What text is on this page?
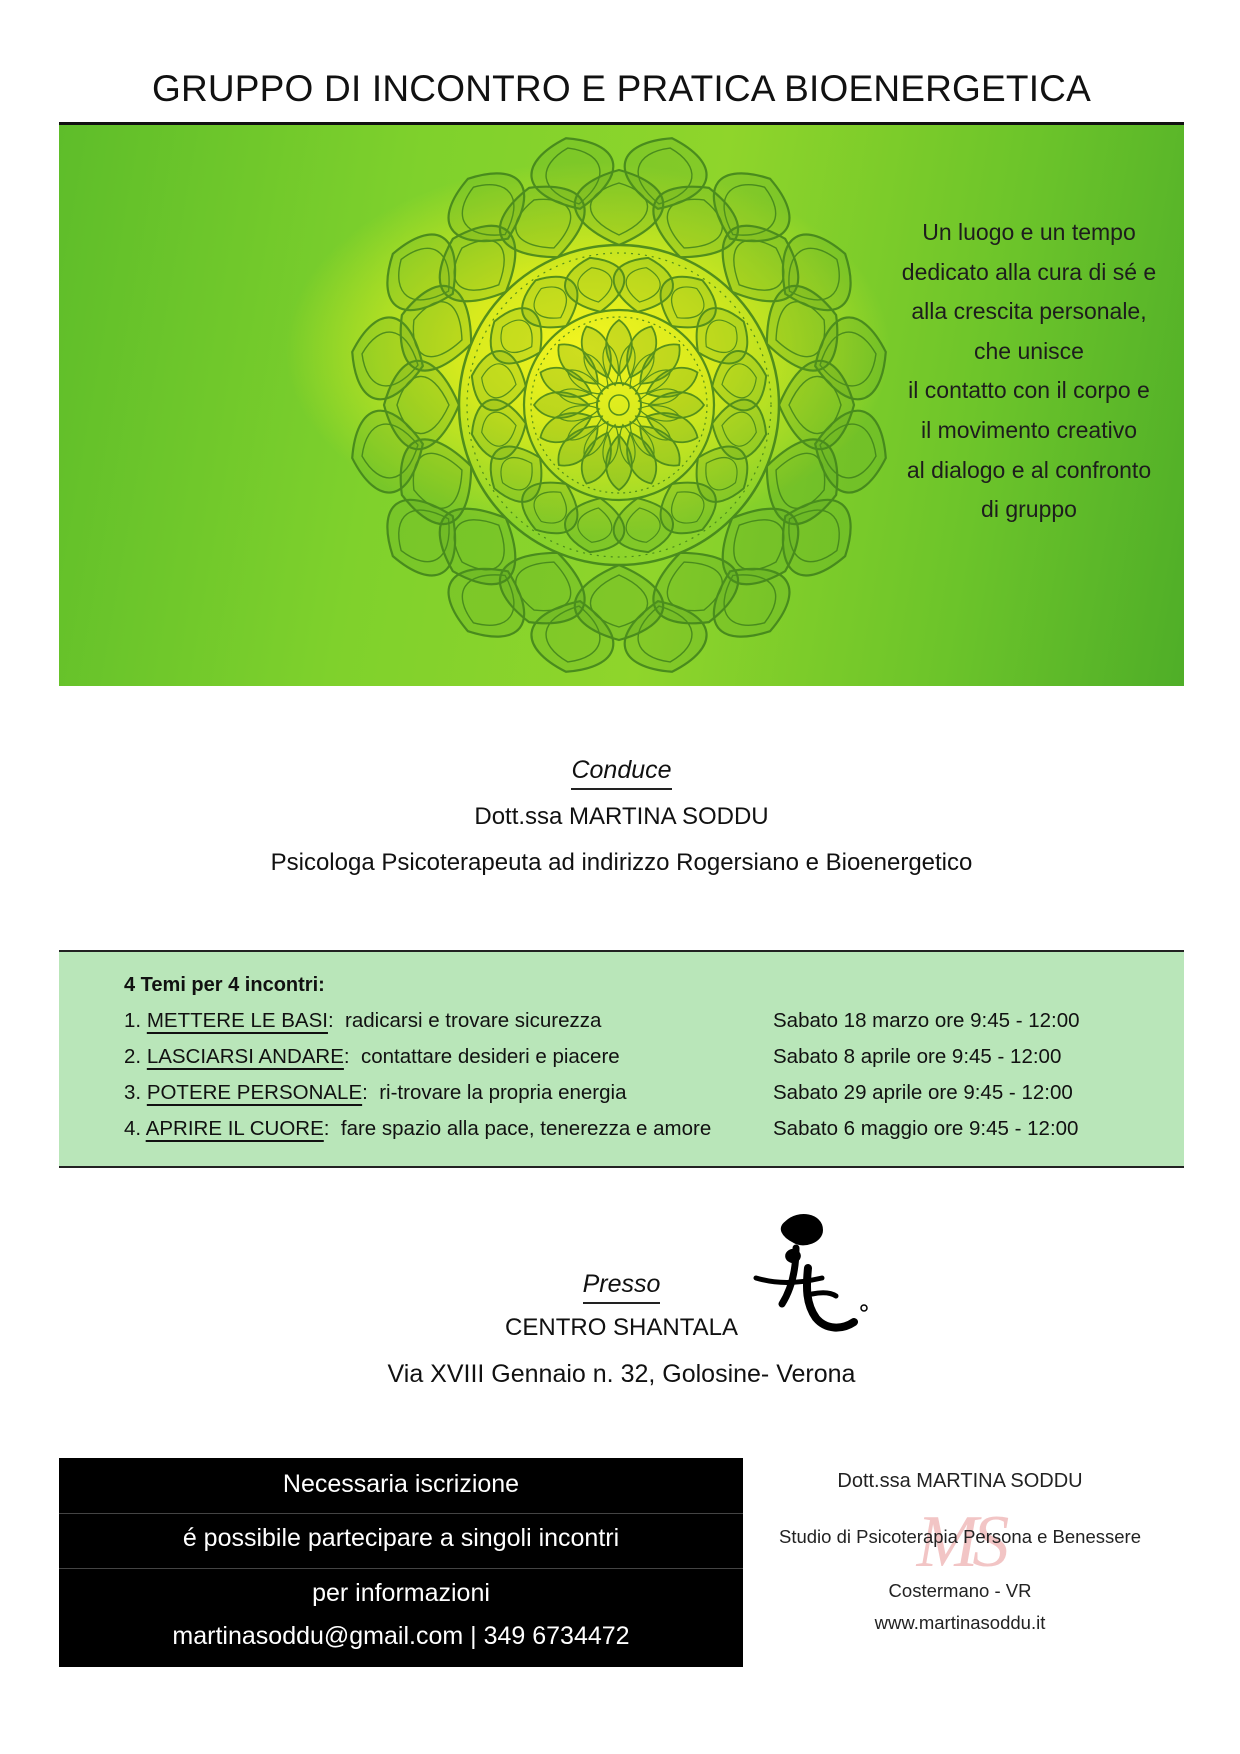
GRUPPO DI INCONTRO E PRATICA BIOENERGETICA
Un luogo e un tempo
dedicato alla cura di sé e
alla crescita personale,
che unisce
il contatto con il corpo e
il movimento creativo
al dialogo e al confronto
di gruppo
Conduce
Dott.ssa MARTINA SODDU
Psicologa Psicoterapeuta ad indirizzo Rogersiano e Bioenergetico
4 Temi per 4 incontri:
1. METTERE LE BASI:  radicarsi e trovare sicurezza	Sabato 18 marzo ore 9:45 - 12:00
2. LASCIARSI ANDARE:  contattare desideri e piacere	Sabato 8 aprile ore 9:45 - 12:00
3. POTERE PERSONALE:  ri-trovare la propria energia	Sabato 29 aprile ore 9:45 - 12:00
4. APRIRE IL CUORE:  fare spazio alla pace, tenerezza e amore	Sabato 6 maggio ore 9:45 - 12:00
Presso
CENTRO SHANTALA
Via XVIII Gennaio n. 32, Golosine- Verona
Necessaria iscrizione
é possibile partecipare a singoli incontri
per informazioni
martinasoddu@gmail.com | 349 6734472
Dott.ssa MARTINA SODDU
MS
Studio di Psicoterapia Persona e Benessere
Costermano - VR
www.martinasoddu.it
